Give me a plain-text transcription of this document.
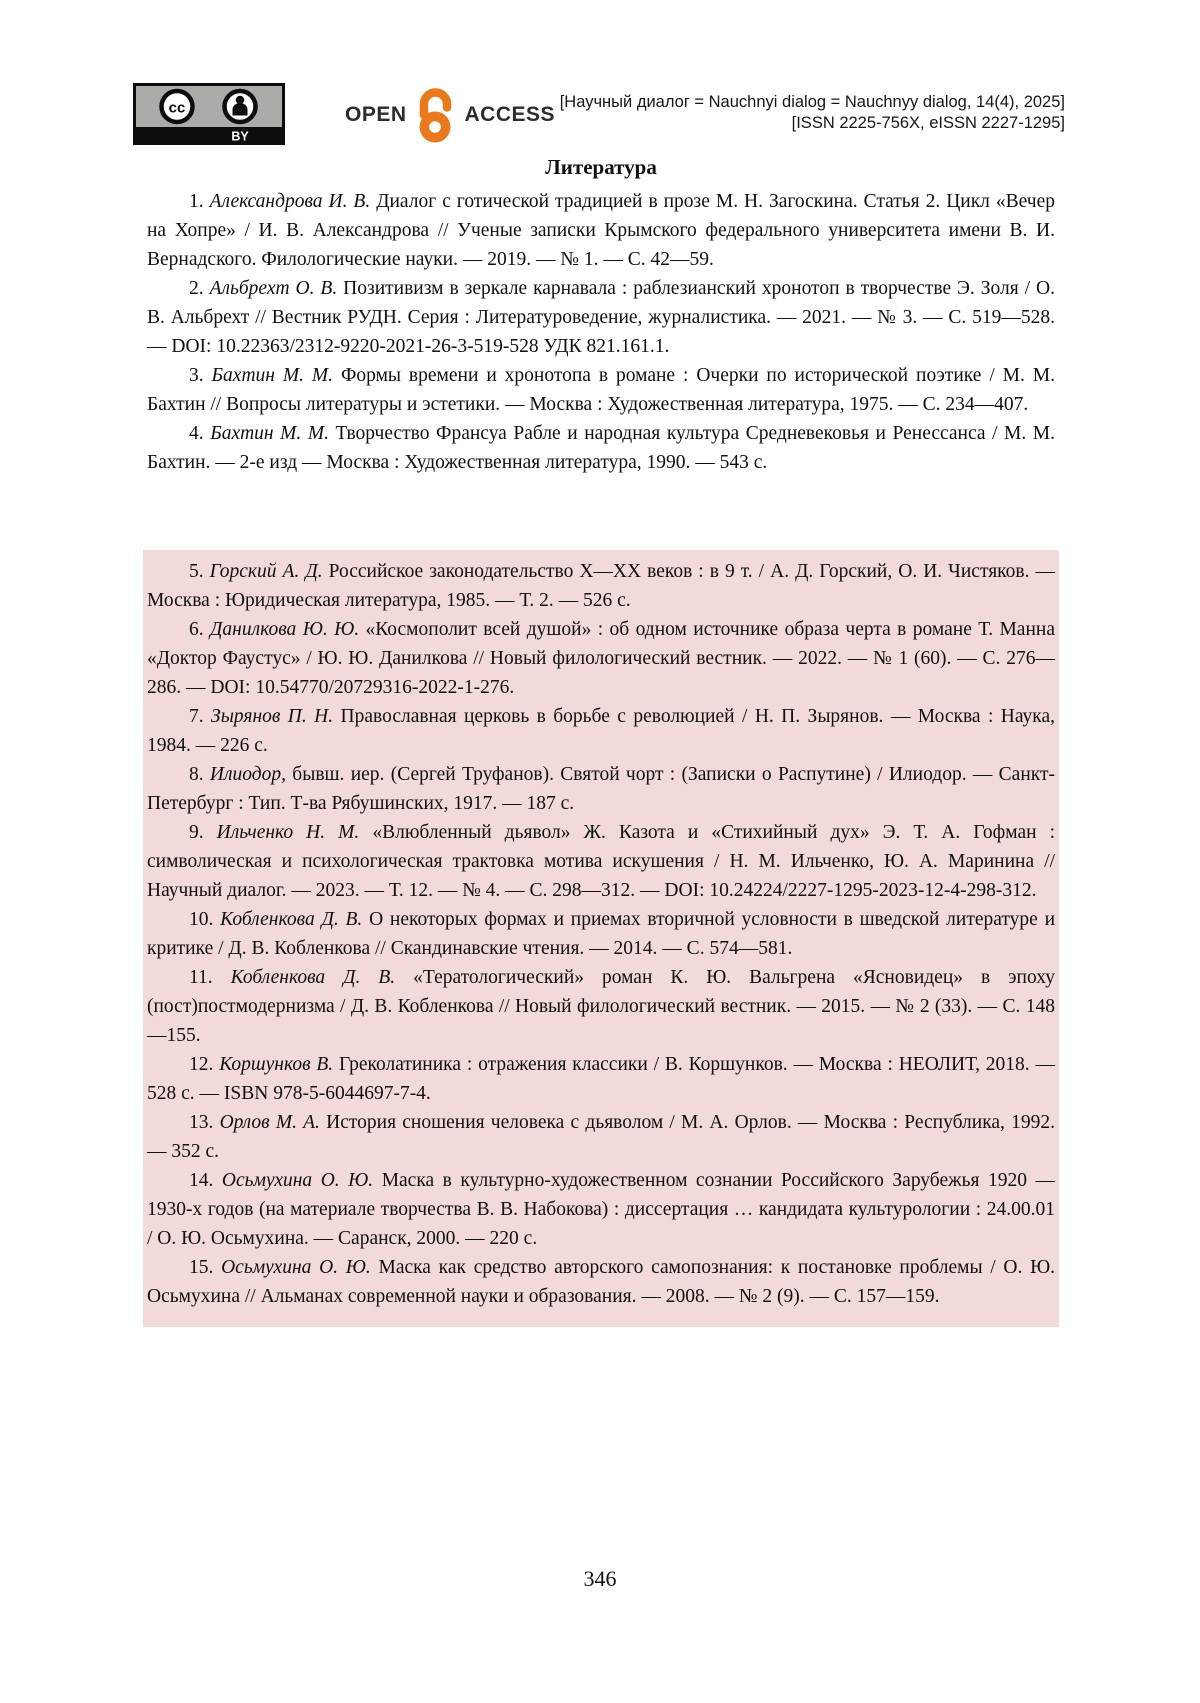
cc
BY
OPEN	ACCESS
[Научный диалог = Nauchnyi dialog = Nauchnyy dialog, 14(4), 2025]
[ISSN 2225-756X, eISSN 2227-1295]
Литература

1. Александрова И. В. Диалог с готической традицией в прозе М. Н. Загоскина. Статья 2. Цикл «Вечер на Хопре» / И. В. Александрова // Ученые записки Крымского федерального университета имени В. И. Вернадского. Филологические науки. — 2019. — № 1. — С. 42—59.

2. Альбрехт О. В. Позитивизм в зеркале карнавала : раблезианский хронотоп в творчестве Э. Золя / О. В. Альбрехт // Вестник РУДН. Серия : Литературоведение, журналистика. — 2021. — № 3. — С. 519—528. — DOI: 10.22363/2312-9220-2021-26-3-519-528 УДК 821.161.1.

3. Бахтин М. М. Формы времени и хронотопа в романе : Очерки по исторической поэтике / М. М. Бахтин // Вопросы литературы и эстетики. — Москва : Художественная литература, 1975. — С. 234—407.

4. Бахтин М. М. Творчество Франсуа Рабле и народная культура Средневековья и Ренессанса / М. М. Бахтин. — 2-е изд — Москва : Художественная литература, 1990. — 543 с.

5. Горский А. Д. Российское законодательство X—XX веков : в 9 т. / А. Д. Горский, О. И. Чистяков. — Москва : Юридическая литература, 1985. — Т. 2. — 526 с.

6. Данилкова Ю. Ю. «Космополит всей душой» : об одном источнике образа черта в романе Т. Манна «Доктор Фаустус» / Ю. Ю. Данилкова // Новый филологический вестник. — 2022. — № 1 (60). — С. 276—286. — DOI: 10.54770/20729316-2022-1-276.

7. Зырянов П. Н. Православная церковь в борьбе с революцией / Н. П. Зырянов. — Москва : Наука, 1984. — 226 с.

8. Илиодор, бывш. иер. (Сергей Труфанов). Святой чорт : (Записки о Распутине) / Илиодор. — Санкт-Петербург : Тип. Т-ва Рябушинских, 1917. — 187 с.

9. Ильченко Н. М. «Влюбленный дьявол» Ж. Казота и «Стихийный дух» Э. Т. А. Гофман : символическая и психологическая трактовка мотива искушения / Н. М. Ильченко, Ю. А. Маринина // Научный диалог. — 2023. — Т. 12. — № 4. — С. 298—312. — DOI: 10.24224/2227-1295-2023-12-4-298-312.

10. Кобленкова Д. В. О некоторых формах и приемах вторичной условности в шведской литературе и критике / Д. В. Кобленкова // Скандинавские чтения. — 2014. — С. 574—581.

11. Кобленкова Д. В. «Тератологический» роман К. Ю. Вальгрена «Ясновидец» в эпоху (пост)постмодернизма / Д. В. Кобленкова // Новый филологический вестник. — 2015. — № 2 (33). — С. 148—155.

12. Коршунков В. Греколатиника : отражения классики / В. Коршунков. — Москва : НЕОЛИТ, 2018. — 528 с. — ISBN 978-5-6044697-7-4.

13. Орлов М. А. История сношения человека с дьяволом / М. А. Орлов. — Москва : Республика, 1992. — 352 с.

14. Осьмухина О. Ю. Маска в культурно-художественном сознании Российского Зарубежья 1920 — 1930-х годов (на материале творчества В. В. Набокова) : диссертация … кандидата культурологии : 24.00.01 / О. Ю. Осьмухина. — Саранск, 2000. — 220 с.

15. Осьмухина О. Ю. Маска как средство авторского самопознания: к постановке проблемы / О. Ю. Осьмухина // Альманах современной науки и образования. — 2008. — № 2 (9). — С. 157—159.

346
